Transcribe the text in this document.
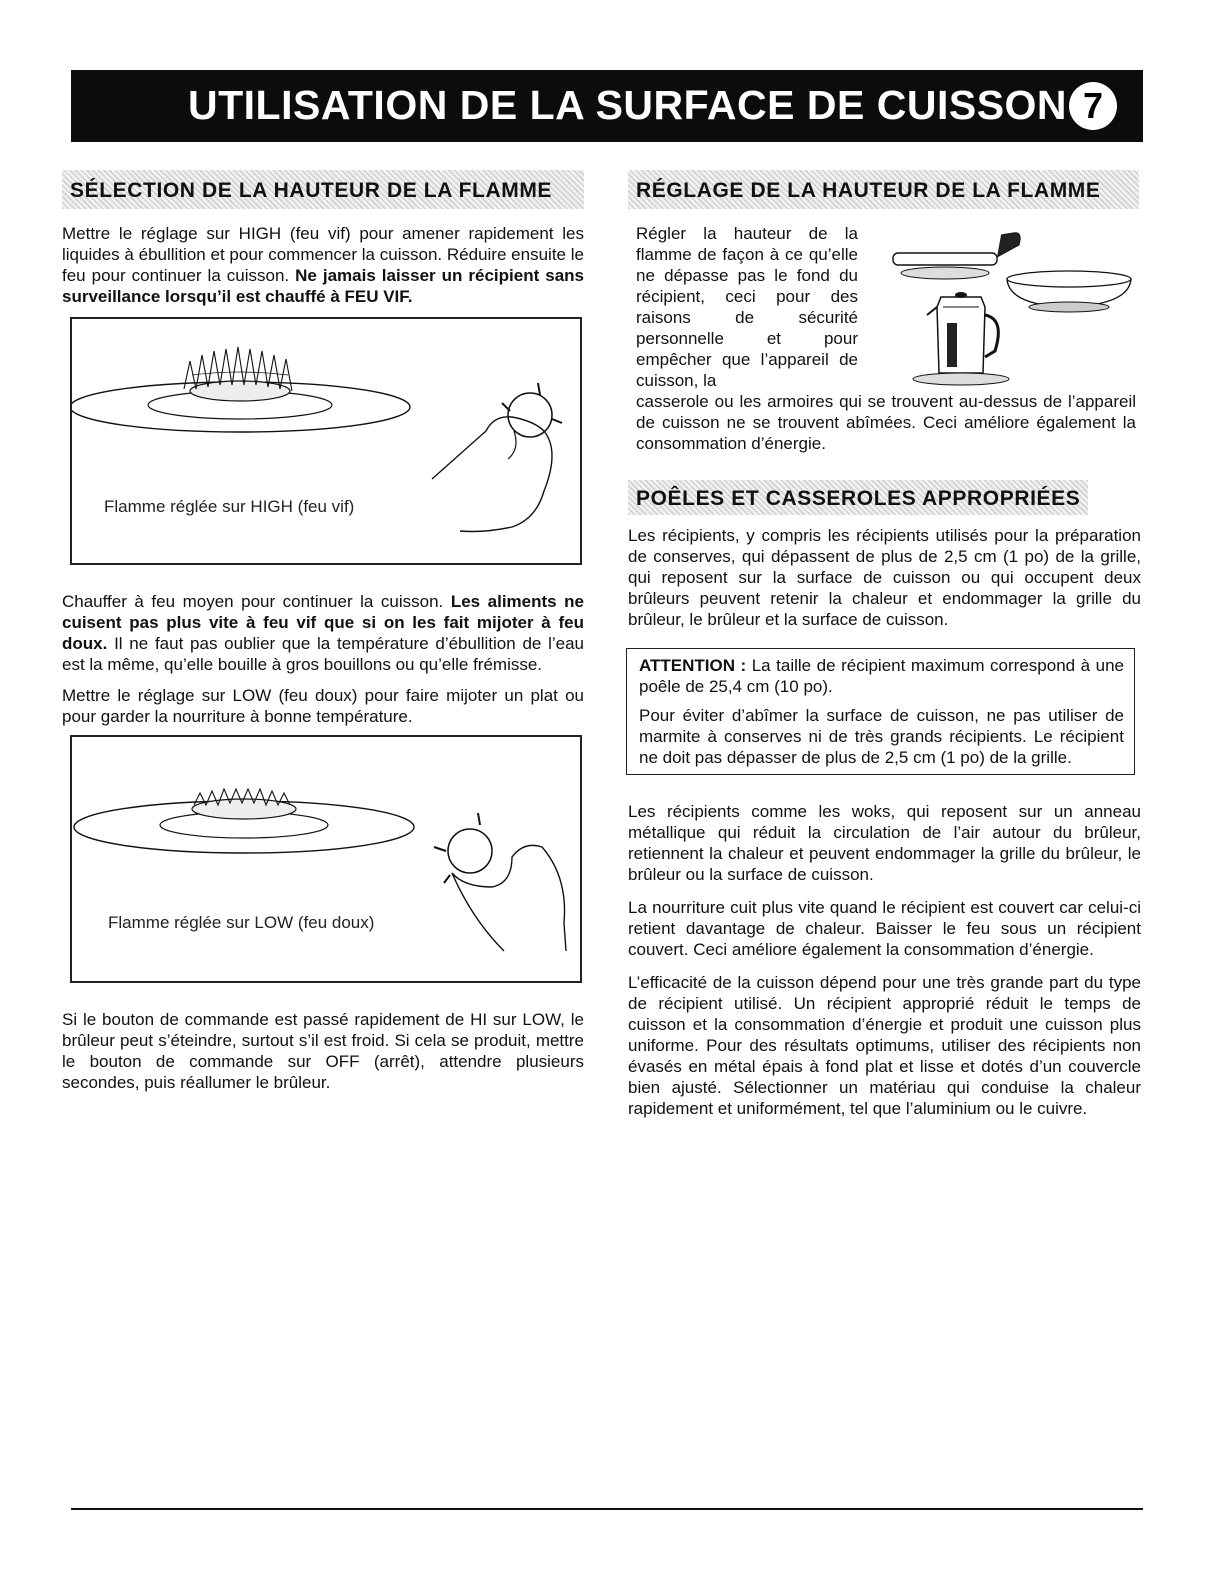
UTILISATION DE LA SURFACE DE CUISSON 7
SÉLECTION DE LA HAUTEUR DE LA FLAMME

Mettre le réglage sur HIGH (feu vif) pour amener rapidement les liquides à ébullition et pour commencer la cuisson. Réduire ensuite le feu pour continuer la cuisson. Ne jamais laisser un récipient sans surveillance lorsqu’il est chauffé à FEU VIF.

Flamme réglée sur HIGH (feu vif)

Chauffer à feu moyen pour continuer la cuisson. Les aliments ne cuisent pas plus vite à feu vif que si on les fait mijoter à feu doux. Il ne faut pas oublier que la température d’ébullition de l’eau est la même, qu’elle bouille à gros bouillons ou qu’elle frémisse.

Mettre le réglage sur LOW (feu doux) pour faire mijoter un plat ou pour garder la nourriture à bonne température.

Flamme réglée sur LOW (feu doux)

Si le bouton de commande est passé rapidement de HI sur LOW, le brûleur peut s’éteindre, surtout s’il est froid. Si cela se produit, mettre le bouton de commande sur OFF (arrêt), attendre plusieurs secondes, puis réallumer le brûleur.

RÉGLAGE DE LA HAUTEUR DE LA FLAMME

Régler la hauteur de la flamme de façon à ce qu’elle ne dépasse pas le fond du récipient, ceci pour des raisons de sécurité personnelle et pour empêcher que l’appareil de cuisson, la

casserole ou les armoires qui se trouvent au-dessus de l’appareil de cuisson ne se trouvent abîmées. Ceci améliore également la consommation d’énergie.

POÊLES ET CASSEROLES APPROPRIÉES

Les récipients, y compris les récipients utilisés pour la préparation de conserves, qui dépassent de plus de 2,5 cm (1 po) de la grille, qui reposent sur la surface de cuisson ou qui occupent deux brûleurs peuvent retenir la chaleur et endommager la grille du brûleur, le brûleur et la surface de cuisson.

ATTENTION : La taille de récipient maximum correspond à une poêle de 25,4 cm (10 po).

Pour éviter d’abîmer la surface de cuisson, ne pas utiliser de marmite à conserves ni de très grands récipients. Le récipient ne doit pas dépasser de plus de 2,5 cm (1 po) de la grille.

Les récipients comme les woks, qui reposent sur un anneau métallique qui réduit la circulation de l’air autour du brûleur, retiennent la chaleur et peuvent endommager la grille du brûleur, le brûleur ou la surface de cuisson.

La nourriture cuit plus vite quand le récipient est couvert car celui-ci retient davantage de chaleur. Baisser le feu sous un récipient couvert. Ceci améliore également la consommation d’énergie.

L’efficacité de la cuisson dépend pour une très grande part du type de récipient utilisé. Un récipient approprié réduit le temps de cuisson et la consommation d’énergie et produit une cuisson plus uniforme. Pour des résultats optimums, utiliser des récipients non évasés en métal épais à fond plat et lisse et dotés d’un couvercle bien ajusté. Sélectionner un matériau qui conduise la chaleur rapidement et uniformément, tel que l’aluminium ou le cuivre.
